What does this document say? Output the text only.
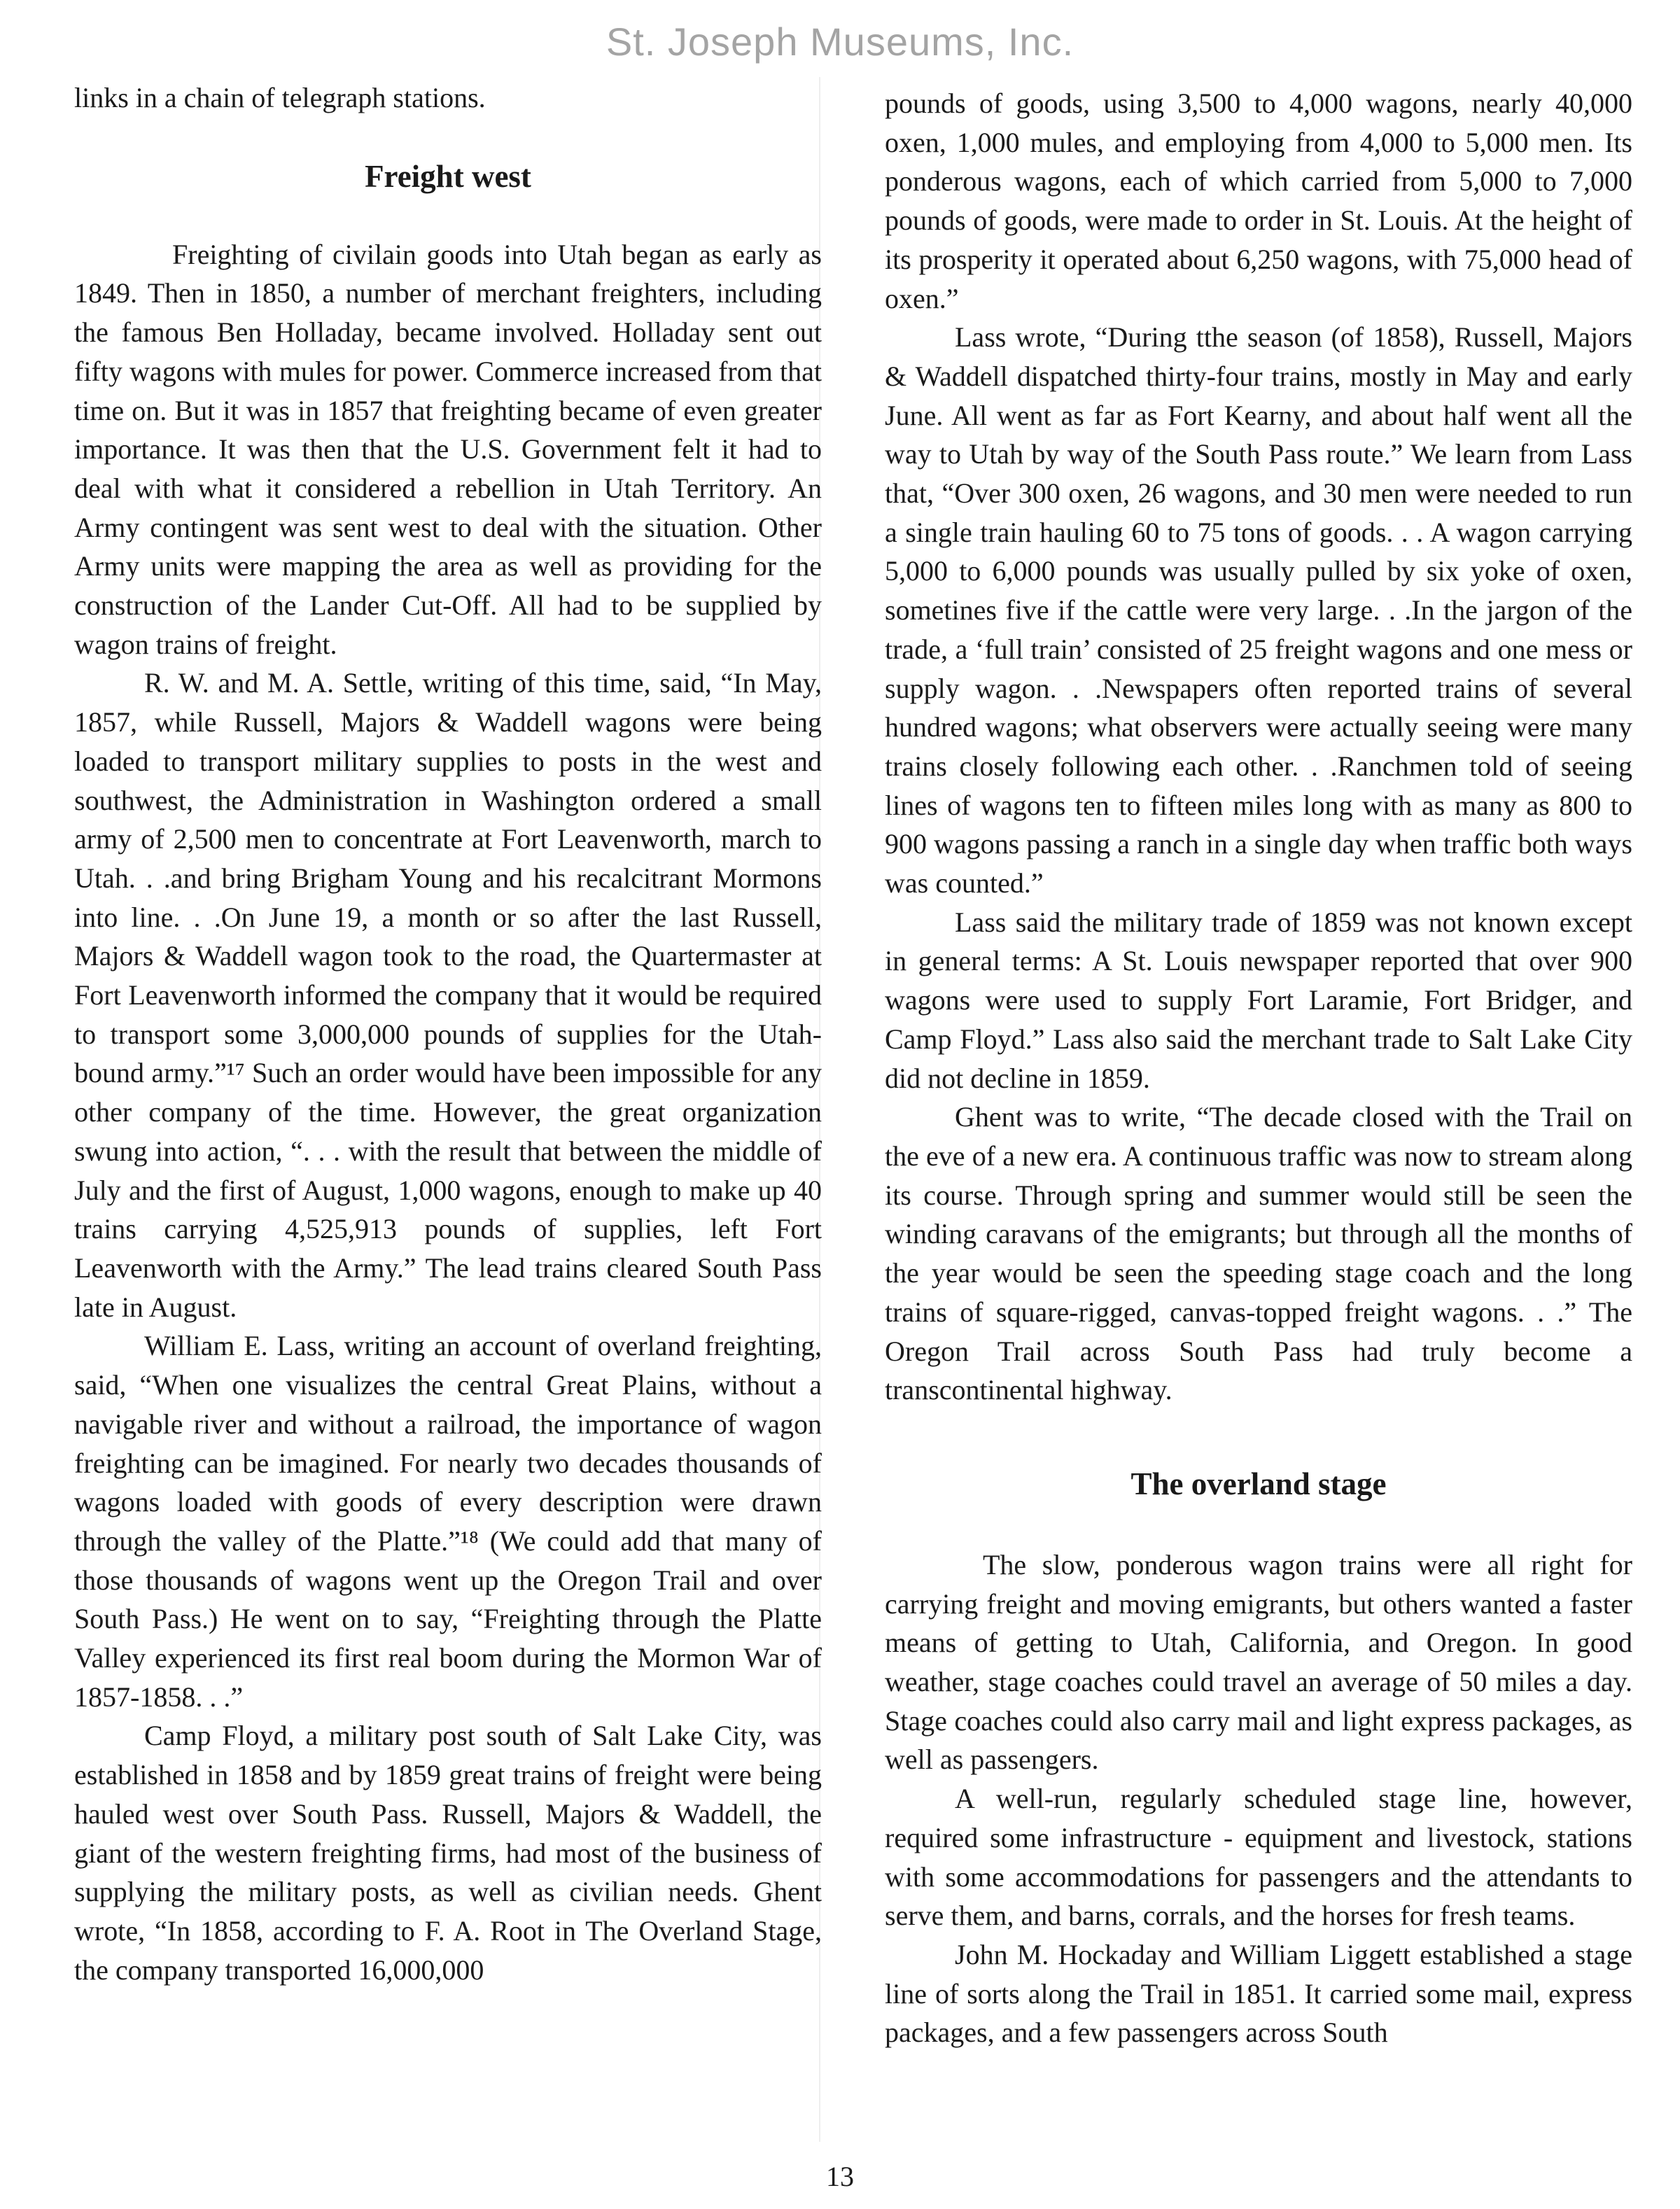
St. Joseph Museums, Inc.

links in a chain of telegraph stations.

Freight west

Freighting of civilain goods into Utah began as early as 1849. Then in 1850, a number of merchant freighters, including the famous Ben Holladay, became involved. Holladay sent out fifty wagons with mules for power. Commerce increased from that time on. But it was in 1857 that freighting became of even greater importance. It was then that the U.S. Government felt it had to deal with what it considered a rebellion in Utah Territory. An Army contingent was sent west to deal with the situation. Other Army units were mapping the area as well as providing for the construction of the Lander Cut-Off. All had to be supplied by wagon trains of freight.

R. W. and M. A. Settle, writing of this time, said, “In May, 1857, while Russell, Majors & Waddell wagons were being loaded to transport military supplies to posts in the west and southwest, the Administration in Washington ordered a small army of 2,500 men to concentrate at Fort Leavenworth, march to Utah. . .and bring Brigham Young and his recalcitrant Mormons into line. . .On June 19, a month or so after the last Russell, Majors & Waddell wagon took to the road, the Quartermaster at Fort Leavenworth informed the company that it would be required to transport some 3,000,000 pounds of supplies for the Utah-bound army.”¹⁷ Such an order would have been impossible for any other company of the time. However, the great organization swung into action, “. . . with the result that between the middle of July and the first of August, 1,000 wagons, enough to make up 40 trains carrying 4,525,913 pounds of supplies, left Fort Leavenworth with the Army.” The lead trains cleared South Pass late in August.

William E. Lass, writing an account of overland freighting, said, “When one visualizes the central Great Plains, without a navigable river and without a railroad, the importance of wagon freighting can be imagined. For nearly two decades thousands of wagons loaded with goods of every description were drawn through the valley of the Platte.”¹⁸ (We could add that many of those thousands of wagons went up the Oregon Trail and over South Pass.) He went on to say, “Freighting through the Platte Valley experienced its first real boom during the Mormon War of 1857-1858. . .”

Camp Floyd, a military post south of Salt Lake City, was established in 1858 and by 1859 great trains of freight were being hauled west over South Pass. Russell, Majors & Waddell, the giant of the western freighting firms, had most of the business of supplying the military posts, as well as civilian needs. Ghent wrote, “In 1858, according to F. A. Root in The Overland Stage, the company transported 16,000,000

pounds of goods, using 3,500 to 4,000 wagons, nearly 40,000 oxen, 1,000 mules, and employing from 4,000 to 5,000 men. Its ponderous wagons, each of which carried from 5,000 to 7,000 pounds of goods, were made to order in St. Louis. At the height of its prosperity it operated about 6,250 wagons, with 75,000 head of oxen.”

Lass wrote, “During tthe season (of 1858), Russell, Majors & Waddell dispatched thirty-four trains, mostly in May and early June. All went as far as Fort Kearny, and about half went all the way to Utah by way of the South Pass route.” We learn from Lass that, “Over 300 oxen, 26 wagons, and 30 men were needed to run a single train hauling 60 to 75 tons of goods. . . A wagon carrying 5,000 to 6,000 pounds was usually pulled by six yoke of oxen, sometines five if the cattle were very large. . .In the jargon of the trade, a ‘full train’ consisted of 25 freight wagons and one mess or supply wagon. . .Newspapers often reported trains of several hundred wagons; what observers were actually seeing were many trains closely following each other. . .Ranchmen told of seeing lines of wagons ten to fifteen miles long with as many as 800 to 900 wagons passing a ranch in a single day when traffic both ways was counted.”

Lass said the military trade of 1859 was not known except in general terms: A St. Louis newspaper reported that over 900 wagons were used to supply Fort Laramie, Fort Bridger, and Camp Floyd.” Lass also said the merchant trade to Salt Lake City did not decline in 1859.

Ghent was to write, “The decade closed with the Trail on the eve of a new era. A continuous traffic was now to stream along its course. Through spring and summer would still be seen the winding caravans of the emigrants; but through all the months of the year would be seen the speeding stage coach and the long trains of square-rigged, canvas-topped freight wagons. . .” The Oregon Trail across South Pass had truly become a transcontinental highway.

The overland stage

The slow, ponderous wagon trains were all right for carrying freight and moving emigrants, but others wanted a faster means of getting to Utah, California, and Oregon. In good weather, stage coaches could travel an average of 50 miles a day. Stage coaches could also carry mail and light express packages, as well as passengers.

A well-run, regularly scheduled stage line, however, required some infrastructure - equipment and livestock, stations with some accommodations for passengers and the attendants to serve them, and barns, corrals, and the horses for fresh teams.

John M. Hockaday and William Liggett established a stage line of sorts along the Trail in 1851. It carried some mail, express packages, and a few passengers across South

13
